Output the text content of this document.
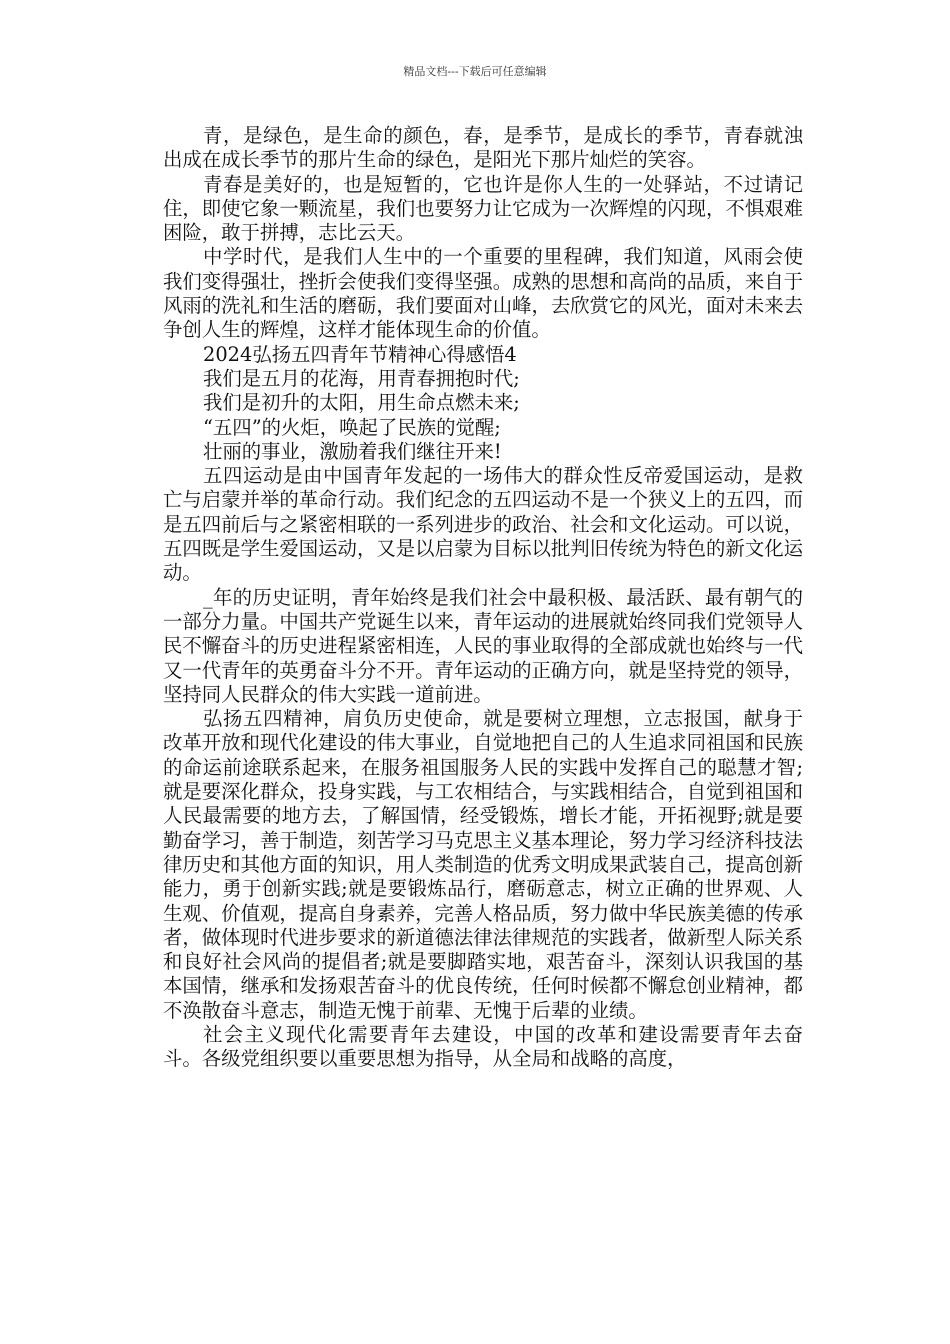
精品文档---下载后可任意编辑

青，是绿色，是生命的颜色，春，是季节，是成长的季节，青春就浊出成在成长季节的那片生命的绿色，是阳光下那片灿烂的笑容。

青春是美好的，也是短暂的，它也许是你人生的一处驿站，不过请记住，即使它象一颗流星，我们也要努力让它成为一次辉煌的闪现，不惧艰难困险，敢于拼搏，志比云天。

中学时代，是我们人生中的一个重要的里程碑，我们知道，风雨会使我们变得强壮，挫折会使我们变得坚强。成熟的思想和高尚的品质，来自于风雨的洗礼和生活的磨砺，我们要面对山峰，去欣赏它的风光，面对未来去争创人生的辉煌，这样才能体现生命的价值。

2024弘扬五四青年节精神心得感悟4

我们是五月的花海，用青春拥抱时代;

我们是初升的太阳，用生命点燃未来;

“五四”的火炬，唤起了民族的觉醒;

壮丽的事业，激励着我们继往开来!

五四运动是由中国青年发起的一场伟大的群众性反帝爱国运动，是救亡与启蒙并举的革命行动。我们纪念的五四运动不是一个狭义上的五四，而是五四前后与之紧密相联的一系列进步的政治、社会和文化运动。可以说，五四既是学生爱国运动，又是以启蒙为目标以批判旧传统为特色的新文化运动。

_年的历史证明，青年始终是我们社会中最积极、最活跃、最有朝气的一部分力量。中国共产党诞生以来，青年运动的进展就始终同我们党领导人民不懈奋斗的历史进程紧密相连，人民的事业取得的全部成就也始终与一代又一代青年的英勇奋斗分不开。青年运动的正确方向，就是坚持党的领导，坚持同人民群众的伟大实践一道前进。

弘扬五四精神，肩负历史使命，就是要树立理想，立志报国，献身于改革开放和现代化建设的伟大事业，自觉地把自己的人生追求同祖国和民族的命运前途联系起来，在服务祖国服务人民的实践中发挥自己的聪慧才智;就是要深化群众，投身实践，与工农相结合，与实践相结合，自觉到祖国和人民最需要的地方去，了解国情，经受锻炼，增长才能，开拓视野;就是要勤奋学习，善于制造，刻苦学习马克思主义基本理论，努力学习经济科技法律历史和其他方面的知识，用人类制造的优秀文明成果武装自己，提高创新能力，勇于创新实践;就是要锻炼品行，磨砺意志，树立正确的世界观、人生观、价值观，提高自身素养，完善人格品质，努力做中华民族美德的传承者，做体现时代进步要求的新道德法律法律规范的实践者，做新型人际关系和良好社会风尚的提倡者;就是要脚踏实地，艰苦奋斗，深刻认识我国的基本国情，继承和发扬艰苦奋斗的优良传统，任何时候都不懈怠创业精神，都不涣散奋斗意志，制造无愧于前辈、无愧于后辈的业绩。

社会主义现代化需要青年去建设，中国的改革和建设需要青年去奋斗。各级党组织要以重要思想为指导，从全局和战略的高度，
